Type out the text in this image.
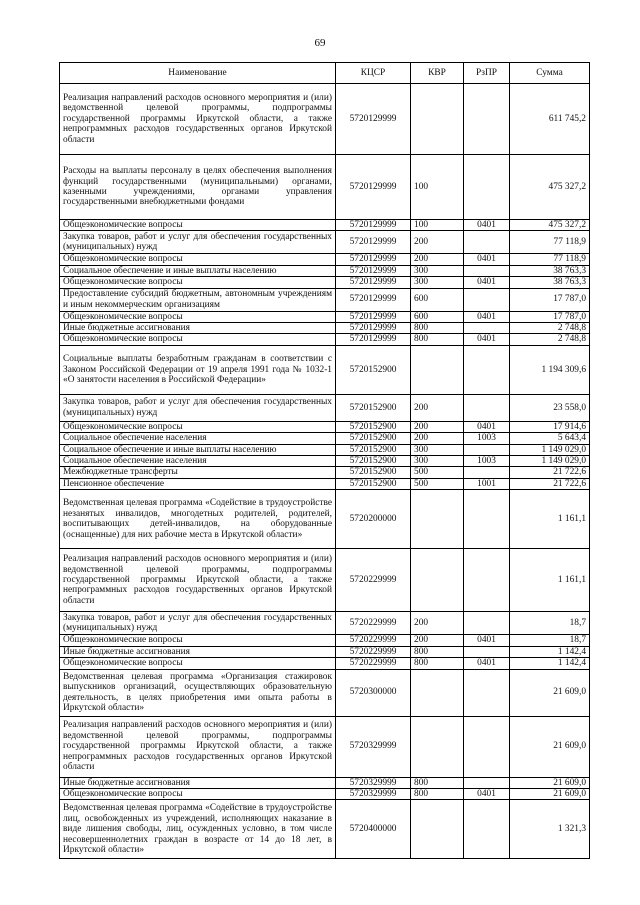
69
Наименование	КЦСР	КВР	РзПР	Сумма
Реализация направлений расходов основного мероприятия и (или) ведомственной целевой программы, подпрограммы государственной программы Иркутской области, а также непрограммных расходов государственных органов Иркутской области	5720129999			611 745,2
Расходы на выплаты персоналу в целях обеспечения выполнения функций государственными (муниципальными) органами, казенными учреждениями, органами управления государственными внебюджетными фондами	5720129999	100		475 327,2
Общеэкономические вопросы	5720129999	100	0401	475 327,2
Закупка товаров, работ и услуг для обеспечения государственных (муниципальных) нужд	5720129999	200		77 118,9
Общеэкономические вопросы	5720129999	200	0401	77 118,9
Социальное обеспечение и иные выплаты населению	5720129999	300		38 763,3
Общеэкономические вопросы	5720129999	300	0401	38 763,3
Предоставление субсидий бюджетным, автономным учреждениям и иным некоммерческим организациям	5720129999	600		17 787,0
Общеэкономические вопросы	5720129999	600	0401	17 787,0
Иные бюджетные ассигнования	5720129999	800		2 748,8
Общеэкономические вопросы	5720129999	800	0401	2 748,8
Социальные выплаты безработным гражданам в соответствии с Законом Российской Федерации от 19 апреля 1991 года № 1032-1 «О занятости населения в Российской Федерации»	5720152900			1 194 309,6
Закупка товаров, работ и услуг для обеспечения государственных (муниципальных) нужд	5720152900	200		23 558,0
Общеэкономические вопросы	5720152900	200	0401	17 914,6
Социальное обеспечение населения	5720152900	200	1003	5 643,4
Социальное обеспечение и иные выплаты населению	5720152900	300		1 149 029,0
Социальное обеспечение населения	5720152900	300	1003	1 149 029,0
Межбюджетные трансферты	5720152900	500		21 722,6
Пенсионное обеспечение	5720152900	500	1001	21 722,6
Ведомственная целевая программа «Содействие в трудоустройстве незанятых инвалидов, многодетных родителей, родителей, воспитывающих детей-инвалидов, на оборудованные (оснащенные) для них рабочие места в Иркутской области»	5720200000			1 161,1
Реализация направлений расходов основного мероприятия и (или) ведомственной целевой программы, подпрограммы государственной программы Иркутской области, а также непрограммных расходов государственных органов Иркутской области	5720229999			1 161,1
Закупка товаров, работ и услуг для обеспечения государственных (муниципальных) нужд	5720229999	200		18,7
Общеэкономические вопросы	5720229999	200	0401	18,7
Иные бюджетные ассигнования	5720229999	800		1 142,4
Общеэкономические вопросы	5720229999	800	0401	1 142,4
Ведомственная целевая программа «Организация стажировок выпускников организаций, осуществляющих образовательную деятельность, в целях приобретения ими опыта работы в Иркутской области»	5720300000			21 609,0
Реализация направлений расходов основного мероприятия и (или) ведомственной целевой программы, подпрограммы государственной программы Иркутской области, а также непрограммных расходов государственных органов Иркутской области	5720329999			21 609,0
Иные бюджетные ассигнования	5720329999	800		21 609,0
Общеэкономические вопросы	5720329999	800	0401	21 609,0
Ведомственная целевая программа «Содействие в трудоустройстве лиц, освобожденных из учреждений, исполняющих наказание в виде лишения свободы, лиц, осужденных условно, в том числе несовершеннолетних граждан в возрасте от 14 до 18 лет, в Иркутской области»	5720400000			1 321,3
